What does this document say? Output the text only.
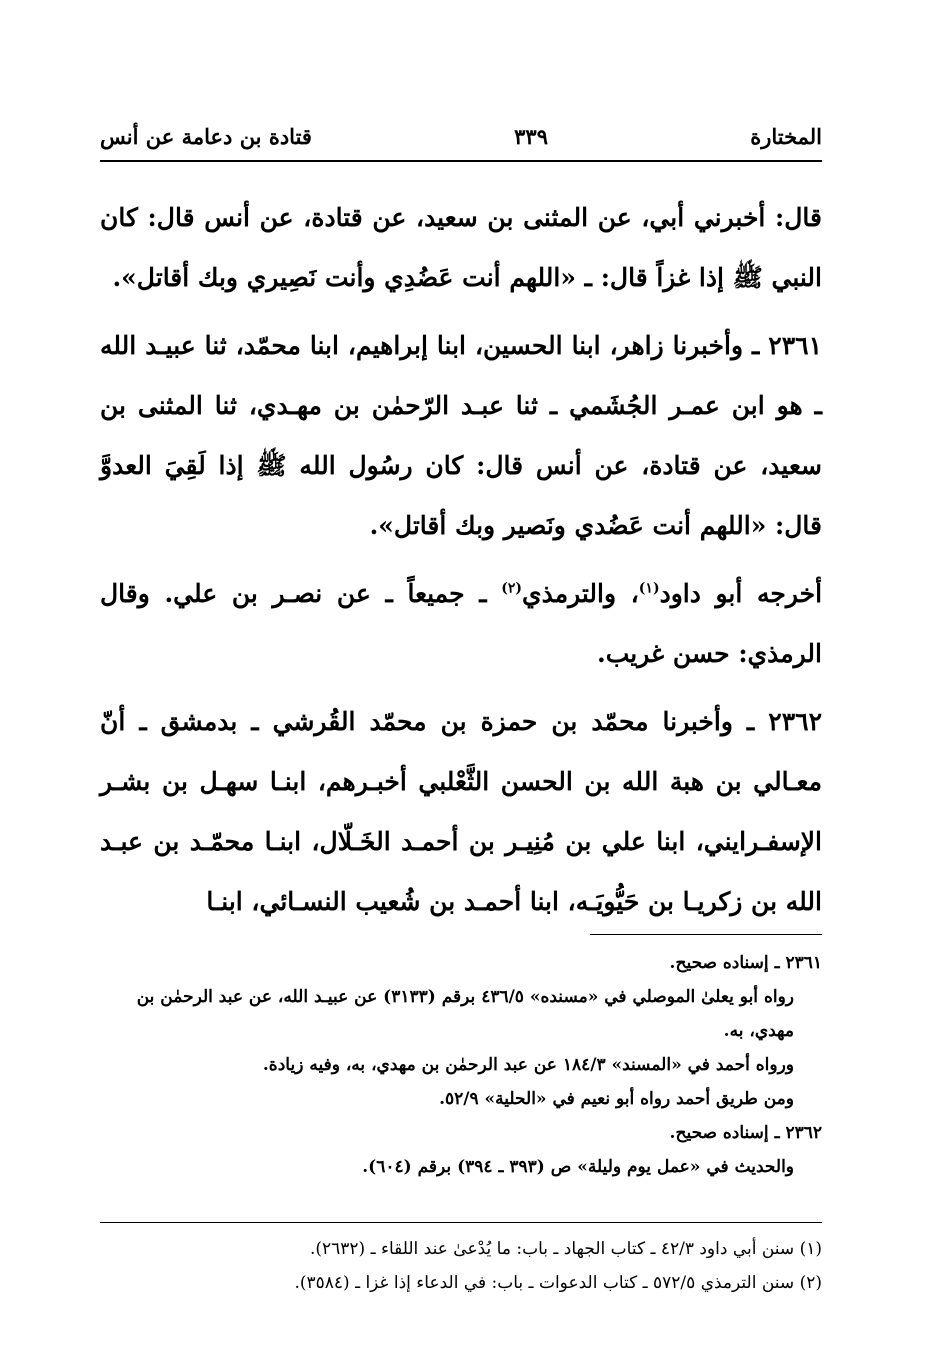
المختارة
٣٣٩
قتادة بن دعامة عن أنس

قال: أخبرني أبي، عن المثنى بن سعيد، عن قتادة، عن أنس قال: كان النبي ﷺ إذا غزاً قال: ـ «اللهم أنت عَضُدِي وأنت نَصِيري وبك أقاتل».

٢٣٦١ ـ وأخبرنا زاهر، ابنا الحسين، ابنا إبراهيم، ابنا محمّد، ثنا عبيـد الله ـ هو ابن عمـر الجُشَمي ـ ثنا عبـد الرّحمٰن بن مهـدي، ثنا المثنى بن سعيد، عن قتادة، عن أنس قال: كان رسُول الله ﷺ إذا لَقِيَ العدوَّ قال: «اللهم أنت عَضُدي ونَصير وبك أقاتل».

أخرجه أبو داود$^{(١)}$، والترمذي$^{(٢)}$ ـ جميعاً ـ عن نصـر بن علي. وقال الرمذي: حسن غريب.

٢٣٦٢ ـ وأخبرنا محمّد بن حمزة بن محمّد القُرشي ـ بدمشق ـ أنّ معـالي بن هبة الله بن الحسن الثَّعْلبي أخبـرهم، ابنـا سهـل بن بشـر الإسفـرايني، ابنا علي بن مُنِيـر بن أحمـد الخَـلّال، ابنـا محمّـد بن عبـد الله بن زكريـا بن حَيُّويَـه، ابنا أحمـد بن شُعيب النسـائي، ابنـا

٢٣٦١ ـ إسناده صحيح.

رواه أبو يعلىٰ الموصلي في «مسنده» ٤٣٦/٥ برقم (٣١٣٣) عن عبيـد الله، عن عبد الرحمٰن بن مهدي، به.

ورواه أحمد في «المسند» ١٨٤/٣ عن عبد الرحمٰن بن مهدي، به، وفيه زيادة.

ومن طريق أحمد رواه أبو نعيم في «الحلية» ٥٢/٩.

٢٣٦٢ ـ إسناده صحيح.

والحديث في «عمل يوم وليلة» ص (٣٩٣ ـ ٣٩٤) برقم (٦٠٤).

(١) سنن أبي داود ٤٢/٣ ـ كتاب الجهاد ـ باب: ما يُدْعىٰ عند اللقاء ـ (٢٦٣٢).

(٢) سنن الترمذي ٥٧٢/٥ ـ كتاب الدعوات ـ باب: في الدعاء إذا غزا ـ (٣٥٨٤).
